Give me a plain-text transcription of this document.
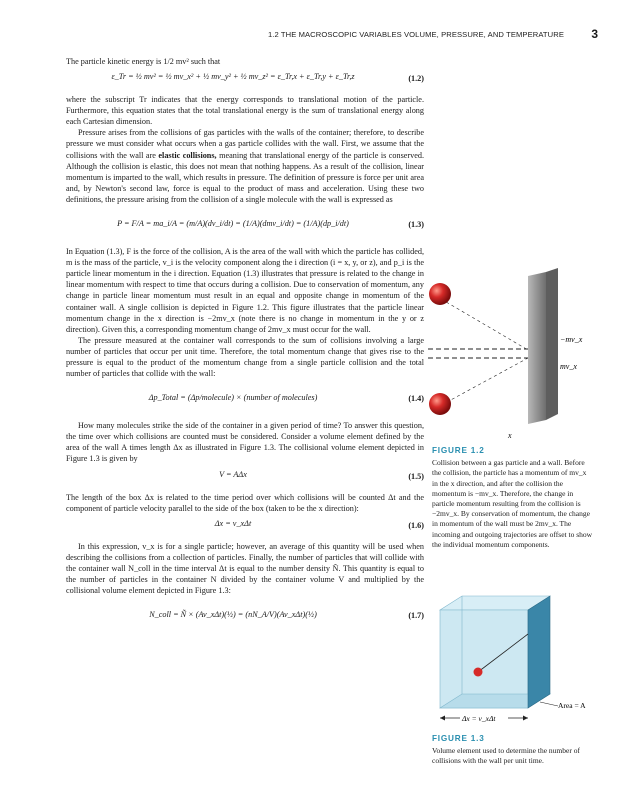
1.2 THE MACROSCOPIC VARIABLES VOLUME, PRESSURE, AND TEMPERATURE 3

The particle kinetic energy is 1/2 mv² such that

ε_Tr = ½ mv² = ½ mv_x² + ½ mv_y² + ½ mv_z² = ε_Tr,x + ε_Tr,y + ε_Tr,z	(1.2)

where the subscript Tr indicates that the energy corresponds to translational motion of the particle. Furthermore, this equation states that the total translational energy is the sum of translational energy along each Cartesian dimension.

Pressure arises from the collisions of gas particles with the walls of the container; therefore, to describe pressure we must consider what occurs when a gas particle collides with the wall. First, we assume that the collisions with the wall are elastic collisions, meaning that translational energy of the particle is conserved. Although the collision is elastic, this does not mean that nothing happens. As a result of the collision, linear momentum is imparted to the wall, which results in pressure. The definition of pressure is force per unit area and, by Newton's second law, force is equal to the product of mass and acceleration. Using these two definitions, the pressure arising from the collision of a single molecule with the wall is expressed as

P = F/A = ma_i/A = (m/A)(dv_i/dt) = (1/A)(dmv_i/dt) = (1/A)(dp_i/dt)	(1.3)

In Equation (1.3), F is the force of the collision, A is the area of the wall with which the particle has collided, m is the mass of the particle, v_i is the velocity component along the i direction (i = x, y, or z), and p_i is the particle linear momentum in the i direction. Equation (1.3) illustrates that pressure is related to the change in linear momentum with respect to time that occurs during a collision. Due to conservation of momentum, any change in particle linear momentum must result in an equal and opposite change in momentum of the container wall. A single collision is depicted in Figure 1.2. This figure illustrates that the particle linear momentum change in the x direction is −2mv_x (note there is no change in momentum in the y or z direction). Given this, a corresponding momentum change of 2mv_x must occur for the wall.

The pressure measured at the container wall corresponds to the sum of collisions involving a large number of particles that occur per unit time. Therefore, the total momentum change that gives rise to the pressure is equal to the product of the momentum change from a single particle collision and the total number of particles that collide with the wall:

Δp_Total = (Δp/molecule) × (number of molecules)	(1.4)

How many molecules strike the side of the container in a given period of time? To answer this question, the time over which collisions are counted must be considered. Consider a volume element defined by the area of the wall A times length Δx as illustrated in Figure 1.3. The collisional volume element depicted in Figure 1.3 is given by

V = AΔx	(1.5)

The length of the box Δx is related to the time period over which collisions will be counted Δt and the component of particle velocity parallel to the side of the box (taken to be the x direction):

Δx = v_xΔt	(1.6)

In this expression, v_x is for a single particle; however, an average of this quantity will be used when describing the collisions from a collection of particles. Finally, the number of particles that will collide with the container wall N_coll in the time interval Δt is equal to the number density Ñ. This quantity is equal to the number of particles in the container N divided by the container volume V and multiplied by the collisional volume element depicted in Figure 1.3:

N_coll = Ñ × (Av_xΔt)(½) = (nN_A/V)(Av_xΔt)(½)	(1.7)
−mv_x
mv_x
x
FIGURE 1.2
Collision between a gas particle and a wall. Before the collision, the particle has a momentum of mv_x in the x direction, and after the collision the momentum is −mv_x. Therefore, the change in particle momentum resulting from the collision is −2mv_x. By conservation of momentum, the change in momentum of the wall must be 2mv_x. The incoming and outgoing trajectories are offset to show the individual momentum components.
Δx = v_xΔt
Area = A
FIGURE 1.3
Volume element used to determine the number of collisions with the wall per unit time.
